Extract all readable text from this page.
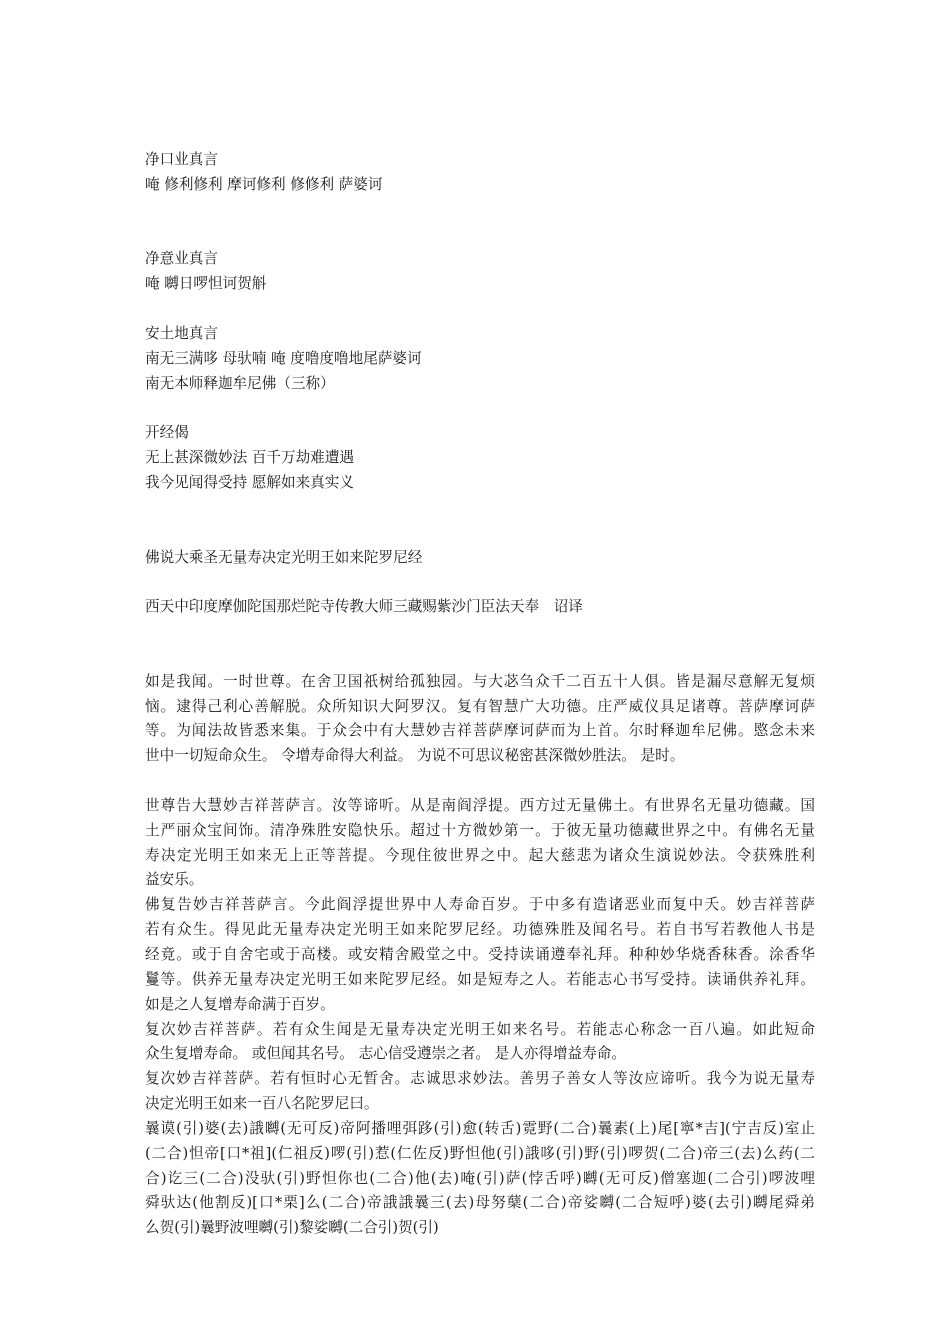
净口业真言
唵 修利修利 摩诃修利 修修利 萨婆诃
净意业真言
唵 嚩日啰怛诃贺斛
安土地真言
南无三满哆 母驮喃 唵 度噜度噜地尾萨婆诃
南无本师释迦牟尼佛（三称）
开经偈
无上甚深微妙法 百千万劫难遭遇
我今见闻得受持 愿解如来真实义
佛说大乘圣无量寿决定光明王如来陀罗尼经
西天中印度摩伽陀国那烂陀寺传教大师三藏赐紫沙门臣法天奉　诏译
如是我闻。一时世尊。在舍卫国祇树给孤独园。与大苾刍众千二百五十人俱。皆是漏尽意解无复烦
恼。逮得己利心善解脱。众所知识大阿罗汉。复有智慧广大功德。庄严威仪具足诸尊。菩萨摩诃萨
等。为闻法故皆悉来集。于众会中有大慧妙吉祥菩萨摩诃萨而为上首。尔时释迦牟尼佛。愍念未来
世中一切短命众生。 令增寿命得大利益。 为说不可思议秘密甚深微妙胜法。 是时。
世尊告大慧妙吉祥菩萨言。汝等谛听。从是南阎浮提。西方过无量佛土。有世界名无量功德藏。国
土严丽众宝间饰。清净殊胜安隐快乐。超过十方微妙第一。于彼无量功德藏世界之中。有佛名无量
寿决定光明王如来无上正等菩提。今现住彼世界之中。起大慈悲为诸众生演说妙法。令获殊胜利
益安乐。
佛复告妙吉祥菩萨言。今此阎浮提世界中人寿命百岁。于中多有造诸恶业而复中夭。妙吉祥菩萨
若有众生。得见此无量寿决定光明王如来陀罗尼经。功德殊胜及闻名号。若自书写若教他人书是
经竟。或于自舍宅或于高楼。或安精舍殿堂之中。受持读诵遵奉礼拜。种种妙华烧香秣香。涂香华
鬘等。供养无量寿决定光明王如来陀罗尼经。如是短寿之人。若能志心书写受持。读诵供养礼拜。
如是之人复增寿命满于百岁。
复次妙吉祥菩萨。若有众生闻是无量寿决定光明王如来名号。若能志心称念一百八遍。如此短命
众生复增寿命。 或但闻其名号。 志心信受遵崇之者。 是人亦得增益寿命。
复次妙吉祥菩萨。若有恒时心无暂舍。志诚思求妙法。善男子善女人等汝应谛听。我今为说无量寿
决定光明王如来一百八名陀罗尼曰。
曩谟(引)婆(去)誐嚩(无可反)帝阿播哩弭跢(引)愈(转舌)霓野(二合)曩素(上)尾[寧*吉](宁吉反)室止
(二合)怛帝[口*祖](仁祖反)啰(引)惹(仁佐反)野怛他(引)誐哆(引)野(引)啰贺(二合)帝三(去)么药(二
合)讫三(二合)没驮(引)野怛你也(二合)他(去)唵(引)萨(悖舌呼)嚩(无可反)僧塞迦(二合引)啰波哩
舜驮达(他割反)[口*栗]么(二合)帝誐誐曩三(去)母努蘖(二合)帝娑嚩(二合短呼)婆(去引)嚩尾舜弟
么贺(引)曩野波哩嚩(引)黎娑嚩(二合引)贺(引)
